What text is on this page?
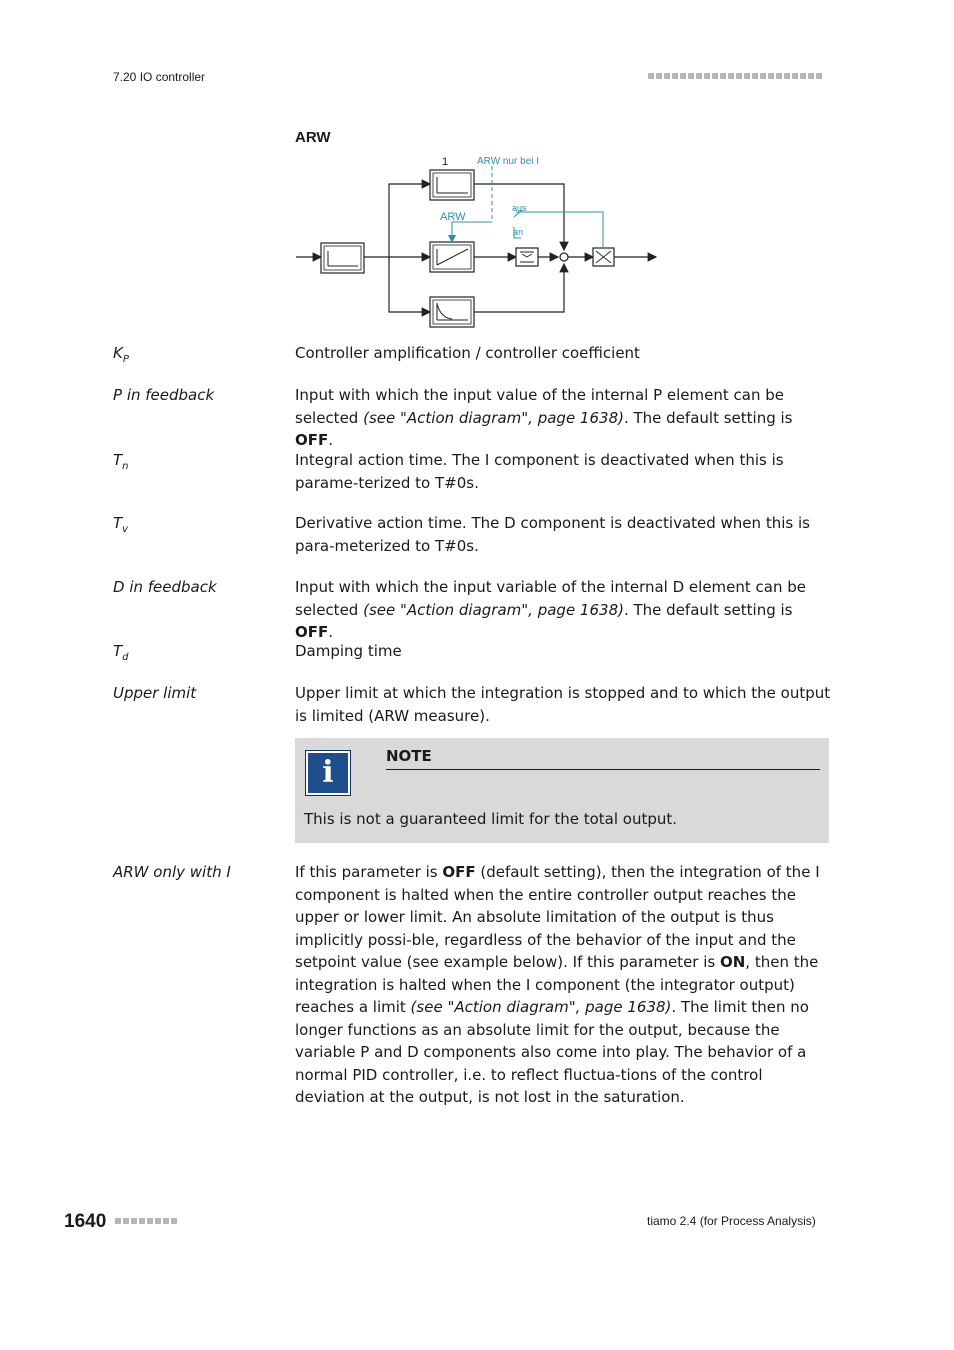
7.20 IO controller
ARW
1	ARW nur bei I
ARW
aus
an
$K_P$	Controller amplification / controller coefficient
P in feedback	Input with which the input value of the internal P element can be selected (see "Action diagram", page 1638). The default setting is OFF.
$T_n$	Integral action time. The I component is deactivated when this is parame-terized to T#0s.
$T_v$	Derivative action time. The D component is deactivated when this is para-meterized to T#0s.
D in feedback	Input with which the input variable of the internal D element can be selected (see "Action diagram", page 1638). The default setting is OFF.
$T_d$	Damping time
Upper limit	Upper limit at which the integration is stopped and to which the output is limited (ARW measure).
i	NOTE
This is not a guaranteed limit for the total output.
ARW only with I	If this parameter is OFF (default setting), then the integration of the I component is halted when the entire controller output reaches the upper or lower limit. An absolute limitation of the output is thus implicitly possi-ble, regardless of the behavior of the input and the setpoint value (see example below). If this parameter is ON, then the integration is halted when the I component (the integrator output) reaches a limit (see "Action diagram", page 1638). The limit then no longer functions as an absolute limit for the output, because the variable P and D components also come into play. The behavior of a normal PID controller, i.e. to reflect fluctua-tions of the control deviation at the output, is not lost in the saturation.
1640	tiamo 2.4 (for Process Analysis)
